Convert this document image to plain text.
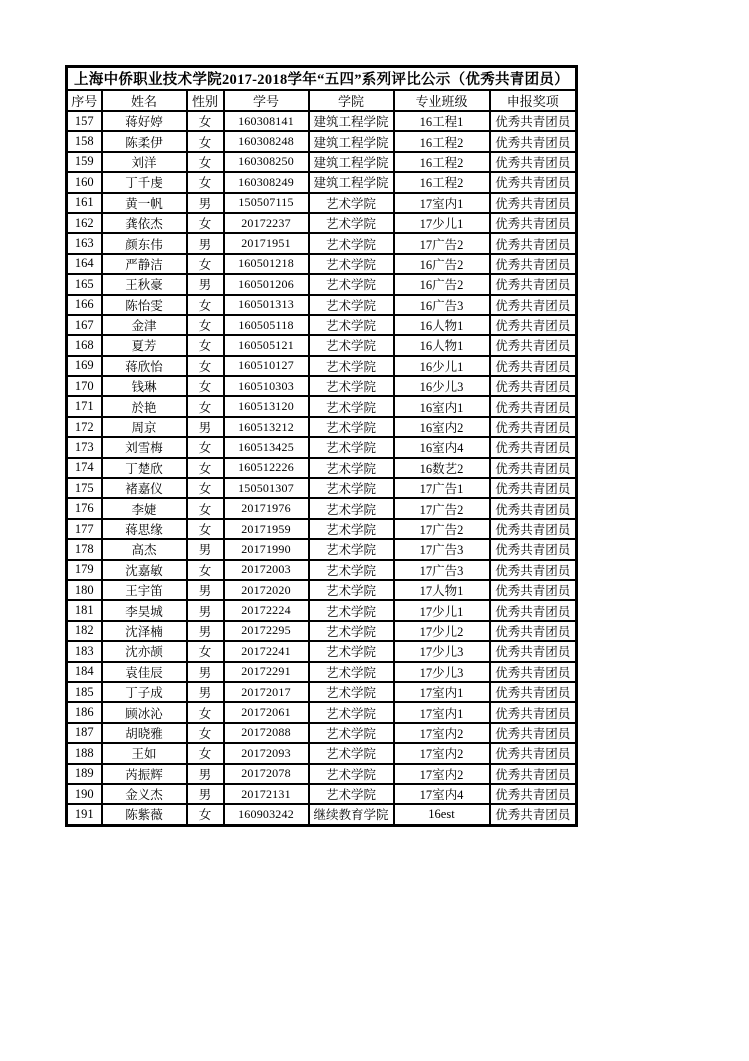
上海中侨职业技术学院2017-2018学年“五四”系列评比公示（优秀共青团员）						
序号	姓名	性别	学号	学院	专业班级	申报奖项
157	蒋好婷	女	160308141	建筑工程学院	16工程1	优秀共青团员
158	陈柔伊	女	160308248	建筑工程学院	16工程2	优秀共青团员
159	刘洋	女	160308250	建筑工程学院	16工程2	优秀共青团员
160	丁千虔	女	160308249	建筑工程学院	16工程2	优秀共青团员
161	黄一帆	男	150507115	艺术学院	17室内1	优秀共青团员
162	龚依杰	女	20172237	艺术学院	17少儿1	优秀共青团员
163	颜东伟	男	20171951	艺术学院	17广告2	优秀共青团员
164	严静洁	女	160501218	艺术学院	16广告2	优秀共青团员
165	王秋豪	男	160501206	艺术学院	16广告2	优秀共青团员
166	陈怡雯	女	160501313	艺术学院	16广告3	优秀共青团员
167	金津	女	160505118	艺术学院	16人物1	优秀共青团员
168	夏芳	女	160505121	艺术学院	16人物1	优秀共青团员
169	蒋欣怡	女	160510127	艺术学院	16少儿1	优秀共青团员
170	钱琳	女	160510303	艺术学院	16少儿3	优秀共青团员
171	於艳	女	160513120	艺术学院	16室内1	优秀共青团员
172	周京	男	160513212	艺术学院	16室内2	优秀共青团员
173	刘雪梅	女	160513425	艺术学院	16室内4	优秀共青团员
174	丁楚欣	女	160512226	艺术学院	16数艺2	优秀共青团员
175	褚嘉仪	女	150501307	艺术学院	17广告1	优秀共青团员
176	李婕	女	20171976	艺术学院	17广告2	优秀共青团员
177	蒋思缘	女	20171959	艺术学院	17广告2	优秀共青团员
178	高杰	男	20171990	艺术学院	17广告3	优秀共青团员
179	沈嘉敏	女	20172003	艺术学院	17广告3	优秀共青团员
180	王宇笛	男	20172020	艺术学院	17人物1	优秀共青团员
181	李昊城	男	20172224	艺术学院	17少儿1	优秀共青团员
182	沈泽楠	男	20172295	艺术学院	17少儿2	优秀共青团员
183	沈亦颉	女	20172241	艺术学院	17少儿3	优秀共青团员
184	袁佳辰	男	20172291	艺术学院	17少儿3	优秀共青团员
185	丁子成	男	20172017	艺术学院	17室内1	优秀共青团员
186	顾冰沁	女	20172061	艺术学院	17室内1	优秀共青团员
187	胡晓雅	女	20172088	艺术学院	17室内2	优秀共青团员
188	王如	女	20172093	艺术学院	17室内2	优秀共青团员
189	芮振辉	男	20172078	艺术学院	17室内2	优秀共青团员
190	金义杰	男	20172131	艺术学院	17室内4	优秀共青团员
191	陈紫薇	女	160903242	继续教育学院	16est	优秀共青团员
